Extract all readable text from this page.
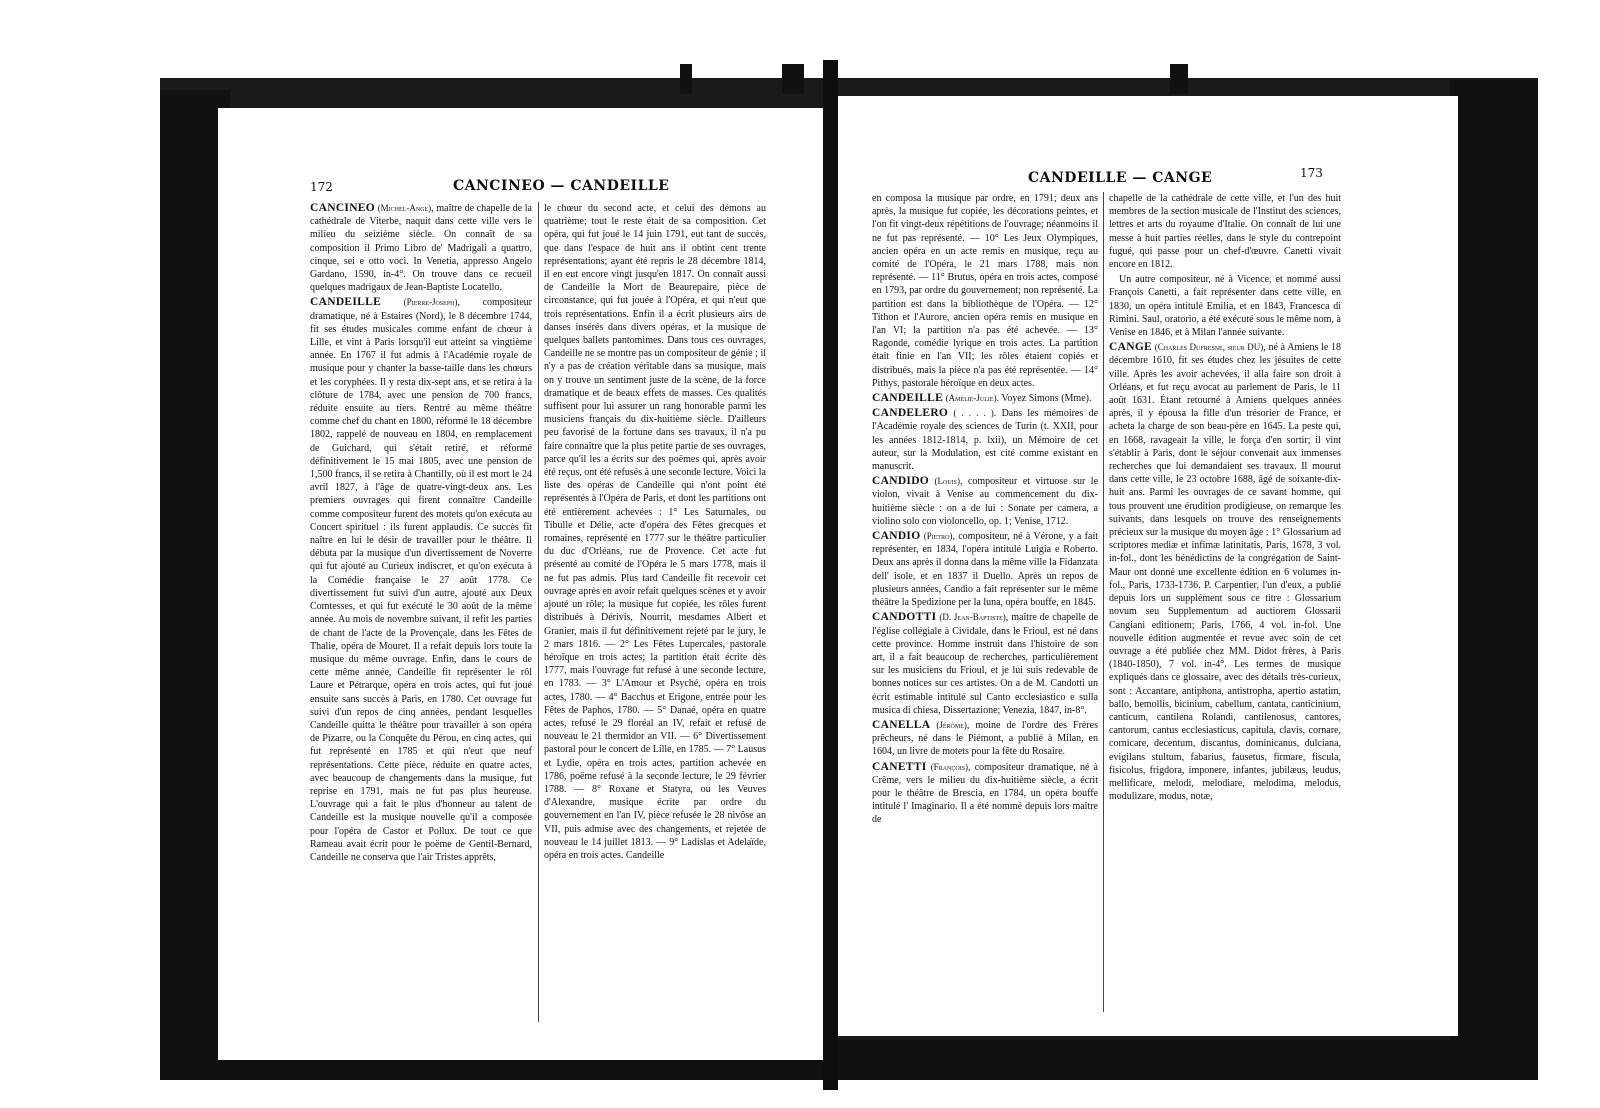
172	CANCINEO — CANDEILLE

CANCINEO (Michel-Ange), maître de chapelle de la cathédrale de Viterbe, naquit dans cette ville vers le milieu du seizième siècle. On connaît de sa composition il Primo Libro de' Madrigali a quattro, cinque, sei e otto voci. In Venetia, appresso Angelo Gardano, 1590, in-4°. On trouve dans ce recueil quelques madrigaux de Jean-Baptiste Locatello.

CANDEILLE	(Pierre-Joseph), compositeur dramatique, né à Estaires (Nord), le 8 décembre 1744, fit ses études musicales comme enfant de chœur à Lille, et vint à Paris lorsqu'il eut atteint sa vingtième année. En 1767 il fut admis à l'Académie royale de musique pour y chanter la basse-taille dans les chœurs et les coryphées. Il y resta dix-sept ans, et se retira à la clôture de 1784, avec une pension de 700 francs, réduite ensuite au tiers. Rentré au même théâtre comme chef du chant en 1800, réformé le 18 décembre 1802, rappelé de nouveau en 1804, en remplacement de Guichard, qui s'était retiré, et réformé définitivement le 15 mai 1805, avec une pension de 1,500 francs, il se retira à Chantilly, où il est mort le 24 avril 1827, à l'âge de quatre-vingt-deux ans. Les premiers ouvrages qui firent connaître Candeille comme compositeur furent des motets qu'on exécuta au Concert spirituel : ils furent applaudis. Ce succès fit naître en lui le désir de travailler pour le théâtre. Il débuta par la musique d'un divertissement de Noverre qui fut ajouté au Curieux indiscret, et qu'on exécuta à la Comédie française le 27 août 1778. Ce divertissement fut suivi d'un autre, ajouté aux Deux Comtesses, et qui fut exécuté le 30 août de la même année. Au mois de novembre suivant, il refit les parties de chant de l'acte de la Provençale, dans les Fêtes de Thalie, opéra de Mouret. Il a refait depuis lors toute la musique du même ouvrage. Enfin, dans le cours de cette même année, Candeille fit représenter le rôl Laure et Pétrarque, opéra en trois actes, qui fut joué ensuite sans succès à Paris, en 1780. Cet ouvrage fut suivi d'un repos de cinq années, pendant lesquelles Candeille quitta le théâtre pour travailler à son opéra de Pizarre, ou la Conquête du Pérou, en cinq actes, qui fut représenté en 1785 et qui n'eut que neuf représentations. Cette pièce, réduite en quatre actes, avec beaucoup de changements dans la musique, fut reprise en 1791, mais ne fut pas plus heureuse. L'ouvrage qui a fait le plus d'honneur au talent de Candeille est la musique nouvelle qu'il a composée pour l'opéra de Castor et Pollux. De tout ce que Rameau avait écrit pour le poëme de Gentil-Bernard, Candeille ne conserva que l'air Tristes apprêts,

le chœur du second acte, et celui des démons au quatrième; tout le reste était de sa composition. Cet opéra, qui fut joué le 14 juin 1791, eut tant de succès, que dans l'espace de huit ans il obtint cent trente représentations; ayant été repris le 28 décembre 1814, il en eut encore vingt jusqu'en 1817. On connaît aussi de Candeille la Mort de Beaurepaire, pièce de circonstance, qui fut jouée à l'Opéra, et qui n'eut que trois représentations. Enfin il a écrit plusieurs airs de danses insérés dans divers opéras, et la musique de quelques ballets pantomimes. Dans tous ces ouvrages, Candeille ne se montre pas un compositeur de génie ; il n'y a pas de création véritable dans sa musique, mais on y trouve un sentiment juste de la scène, de la force dramatique et de beaux effets de masses. Ces qualités suffisent pour lui assurer un rang honorable parmi les musiciens français du dix-huitième siècle. D'ailleurs peu favorisé de la fortune dans ses travaux, il n'a pu faire connaître que la plus petite partie de ses ouvrages, parce qu'il les a écrits sur des poëmes qui, après avoir été reçus, ont été refusés à une seconde lecture. Voici la liste des opéras de Candeille qui n'ont point été représentés à l'Opéra de Paris, et dont les partitions ont été entièrement achevées : 1° Les Saturnales, ou Tibulle et Délie, acte d'opéra des Fêtes grecques et romaines, représenté en 1777 sur le théâtre particulier du duc d'Orléans, rue de Provence. Cet acte fut présenté au comité de l'Opéra le 5 mars 1778, mais il ne fut pas admis. Plus tard Candeille fit recevoir cet ouvrage après en avoir refait quelques scènes et y avoir ajouté un rôle; la musique fut copiée, les rôles furent distribués à Dérivis, Nourrit, mesdames Albert et Granier, mais il fut définitivement rejeté par le jury, le 2 mars 1816. — 2° Les Fêtes Lupercales, pastorale héroïque en trois actes; la partition était écrite dès 1777, mais l'ouvrage fut refusé à une seconde lecture, en 1783. — 3° L'Amour et Psyché, opéra en trois actes, 1780. — 4° Bacchus et Erigone, entrée pour les Fêtes de Paphos, 1780. — 5° Danaé, opéra en quatre actes, refusé le 29 floréal an IV, refait et refusé de nouveau le 21 thermidor an VII. — 6° Divertissement pastoral pour le concert de Lille, en 1785. — 7° Lausus et Lydie, opéra en trois actes, partition achevée en 1786, poëme refusé à la seconde lecture, le 29 février 1788. — 8° Roxane et Statyra, ou les Veuves d'Alexandre, musique écrite par ordre du gouvernement en l'an IV, pièce refusée le 28 nivôse an VII, puis admise avec des changements, et rejetée de nouveau le 14 juillet 1813. — 9° Ladislas et Adelaïde, opéra en trois actes. Candeille

CANDEILLE — CANGE	173

en composa la musique par ordre, en 1791; deux ans après, la musique fut copiée, les décorations peintes, et l'on fit vingt-deux répétitions de l'ouvrage; néanmoins il ne fut pas représenté. — 10° Les Jeux Olympiques, ancien opéra en un acte remis en musique, reçu au comité de l'Opéra, le 21 mars 1788, mais non représenté. — 11° Brutus, opéra en trois actes, composé en 1793, par ordre du gouvernement; non représenté. La partition est dans la bibliothèque de l'Opéra. — 12° Tithon et l'Aurore, ancien opéra remis en musique en l'an VI; la partition n'a pas été achevée. — 13° Ragonde, comédie lyrique en trois actes. La partition était finie en l'an VII; les rôles étaient copiés et distribués, mais la pièce n'a pas été représentée. — 14° Pithys, pastorale héroïque en deux actes.

CANDEILLE (Amélie-Julie). Voyez Simons (Mme).

CANDELERO ( . . . . ). Dans les mémoires de l'Académie royale des sciences de Turin (t. XXII, pour les années 1812-1814, p. lxii), un Mémoire de cet auteur, sur la Modulation, est cité comme existant en manuscrit.

CANDIDO (Louis), compositeur et virtuose sur le violon, vivait à Venise au commencement du dix-huitième siècle : on a de lui : Sonate per camera, a violino solo con violoncello, op. 1; Venise, 1712.

CANDIO (Pietro), compositeur, né à Vérone, y a fait représenter, en 1834, l'opéra intitulé Luigia e Roberto. Deux ans après il donna dans la même ville la Fidanzata dell' isole, et en 1837 il Duello. Après un repos de plusieurs années, Candio a fait représenter sur le même théâtre la Spedizione per la luna, opéra bouffe, en 1845.

CANDOTTI (D. Jean-Baptiste), maître de chapelle de l'église collégiale à Cividale, dans le Frioul, est né dans cette province. Homme instruit dans l'histoire de son art, il a fait beaucoup de recherches, particulièrement sur les musiciens du Frioul, et je lui suis redevable de bonnes notices sur ces artistes. On a de M. Candotti un écrit estimable intitulé sul Canto ecclesiastico e sulla musica di chiesa, Dissertazione; Venezia, 1847, in-8°.

CANELLA (Jérôme), moine de l'ordre des Frères prêcheurs, né dans le Piémont, a publié à Milan, en 1604, un livre de motets pour la fête du Rosaire.

CANETTI (François), compositeur dramatique, né à Crême, vers le milieu du dix-huitième siècle, a écrit pour le théâtre de Brescia, en 1784, un opéra bouffe intitulé l' Imaginario. Il a été nommé depuis lors maître de

chapelle de la cathédrale de cette ville, et l'un des huit membres de la section musicale de l'Institut des sciences, lettres et arts du royaume d'Italie. On connaît de lui une messe à huit parties réelles, dans le style du contrepoint fugué, qui passe pour un chef-d'œuvre. Canetti vivait encore en 1812.

Un autre compositeur, né à Vicence, et nommé aussi François Canetti, a fait représenter dans cette ville, en 1830, un opéra intitulé Emilia, et en 1843, Francesca di Rimini. Saul, oratorio, a été exécuté sous le même nom, à Venise en 1846, et à Milan l'année suivante.

CANGE (Charles Dufresne, sieur DU), né à Amiens le 18 décembre 1610, fit ses études chez les jésuites de cette ville. Après les avoir achevées, il alla faire son droit à Orléans, et fut reçu avocat au parlement de Paris, le 11 août 1631. Étant retourné à Amiens quelques années après, il y épousa la fille d'un trésorier de France, et acheta la charge de son beau-père en 1645. La peste qui, en 1668, ravageait la ville, le força d'en sortir; il vint s'établir à Paris, dont le séjour convenait aux immenses recherches que lui demandaient ses travaux. Il mourut dans cette ville, le 23 octobre 1688, âgé de soixante-dix-huit ans. Parmi les ouvrages de ce savant homme, qui tous prouvent une érudition prodigieuse, on remarque les suivants, dans lesquels on trouve des renseignements précieux sur la musique du moyen âge : 1° Glossarium ad scriptores mediæ et infimæ latinitatis, Paris, 1678, 3 vol. in-fol., dont les bénédictins de la congrégation de Saint-Maur ont donné une excellente édition en 6 volumes in-fol., Paris, 1733-1736. P. Carpentier, l'un d'eux, a publié depuis lors un supplément sous ce titre : Glossarium novum seu Supplementum ad auctiorem Glossarii Cangiani editionem; Paris, 1766, 4 vol. in-fol. Une nouvelle édition augmentée et revue avec soin de cet ouvrage a été publiée chez MM. Didot frères, à Paris (1840-1850), 7 vol. in-4°. Les termes de musique expliqués dans ce glossaire, avec des détails très-curieux, sont : Accantare, antiphona, antistropha, apertio astatim, ballo, bemollis, bicinium, cabellum, cantata, canticinium, canticum, cantilena Rolandi, cantilenosus, cantores, cantorum, cantus ecclesiasticus, capitula, clavis, cornare, cornicare, decentum, discantus, dominicanus, dulciana, evigilans stultum, fabarius, fausetus, firmare, fiscula, fisicolus, frigdora, imponere, infantes, jubilæus, leudus, mellificare, melodi, melodiare, melodima, melodus, modulizare, modus, notæ,
